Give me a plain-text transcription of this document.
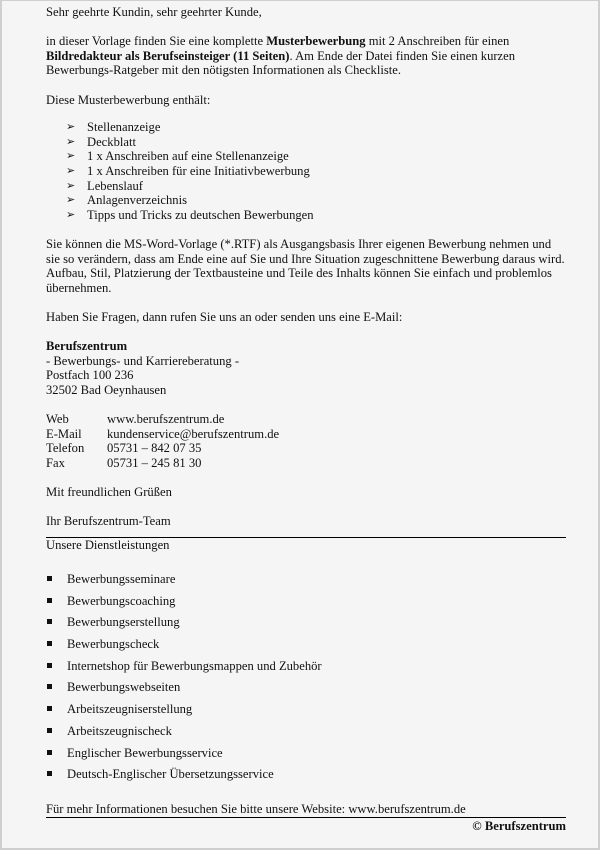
Sehr geehrte Kundin, sehr geehrter Kunde,

in dieser Vorlage finden Sie eine komplette Musterbewerbung mit 2 Anschreiben für einen Bildredakteur als Berufseinsteiger (11 Seiten). Am Ende der Datei finden Sie einen kurzen Bewerbungs-Ratgeber mit den nötigsten Informationen als Checkliste.

Diese Musterbewerbung enthält:

➢ Stellenanzeige
➢ Deckblatt
➢ 1 x Anschreiben auf eine Stellenanzeige
➢ 1 x Anschreiben für eine Initiativbewerbung
➢ Lebenslauf
➢ Anlagenverzeichnis
➢ Tipps und Tricks zu deutschen Bewerbungen

Sie können die MS-Word-Vorlage (*.RTF) als Ausgangsbasis Ihrer eigenen Bewerbung nehmen und sie so verändern, dass am Ende eine auf Sie und Ihre Situation zugeschnittene Bewerbung daraus wird. Aufbau, Stil, Platzierung der Textbausteine und Teile des Inhalts können Sie einfach und problemlos übernehmen.

Haben Sie Fragen, dann rufen Sie uns an oder senden uns eine E-Mail:

Berufszentrum

- Bewerbungs- und Karriereberatung -

Postfach 100 236

32502 Bad Oeynhausen

Web	www.berufszentrum.de
E-Mail	kundenservice@berufszentrum.de
Telefon	05731 – 842 07 35
Fax	05731 – 245 81 30

Mit freundlichen Grüßen

Ihr Berufszentrum-Team

Unsere Dienstleistungen

Bewerbungsseminare
Bewerbungscoaching
Bewerbungserstellung
Bewerbungscheck
Internetshop für Bewerbungsmappen und Zubehör
Bewerbungswebseiten
Arbeitszeugniserstellung
Arbeitszeugnischeck
Englischer Bewerbungsservice
Deutsch-Englischer Übersetzungsservice
Für mehr Informationen besuchen Sie bitte unsere Website: www.berufszentrum.de
© Berufszentrum
